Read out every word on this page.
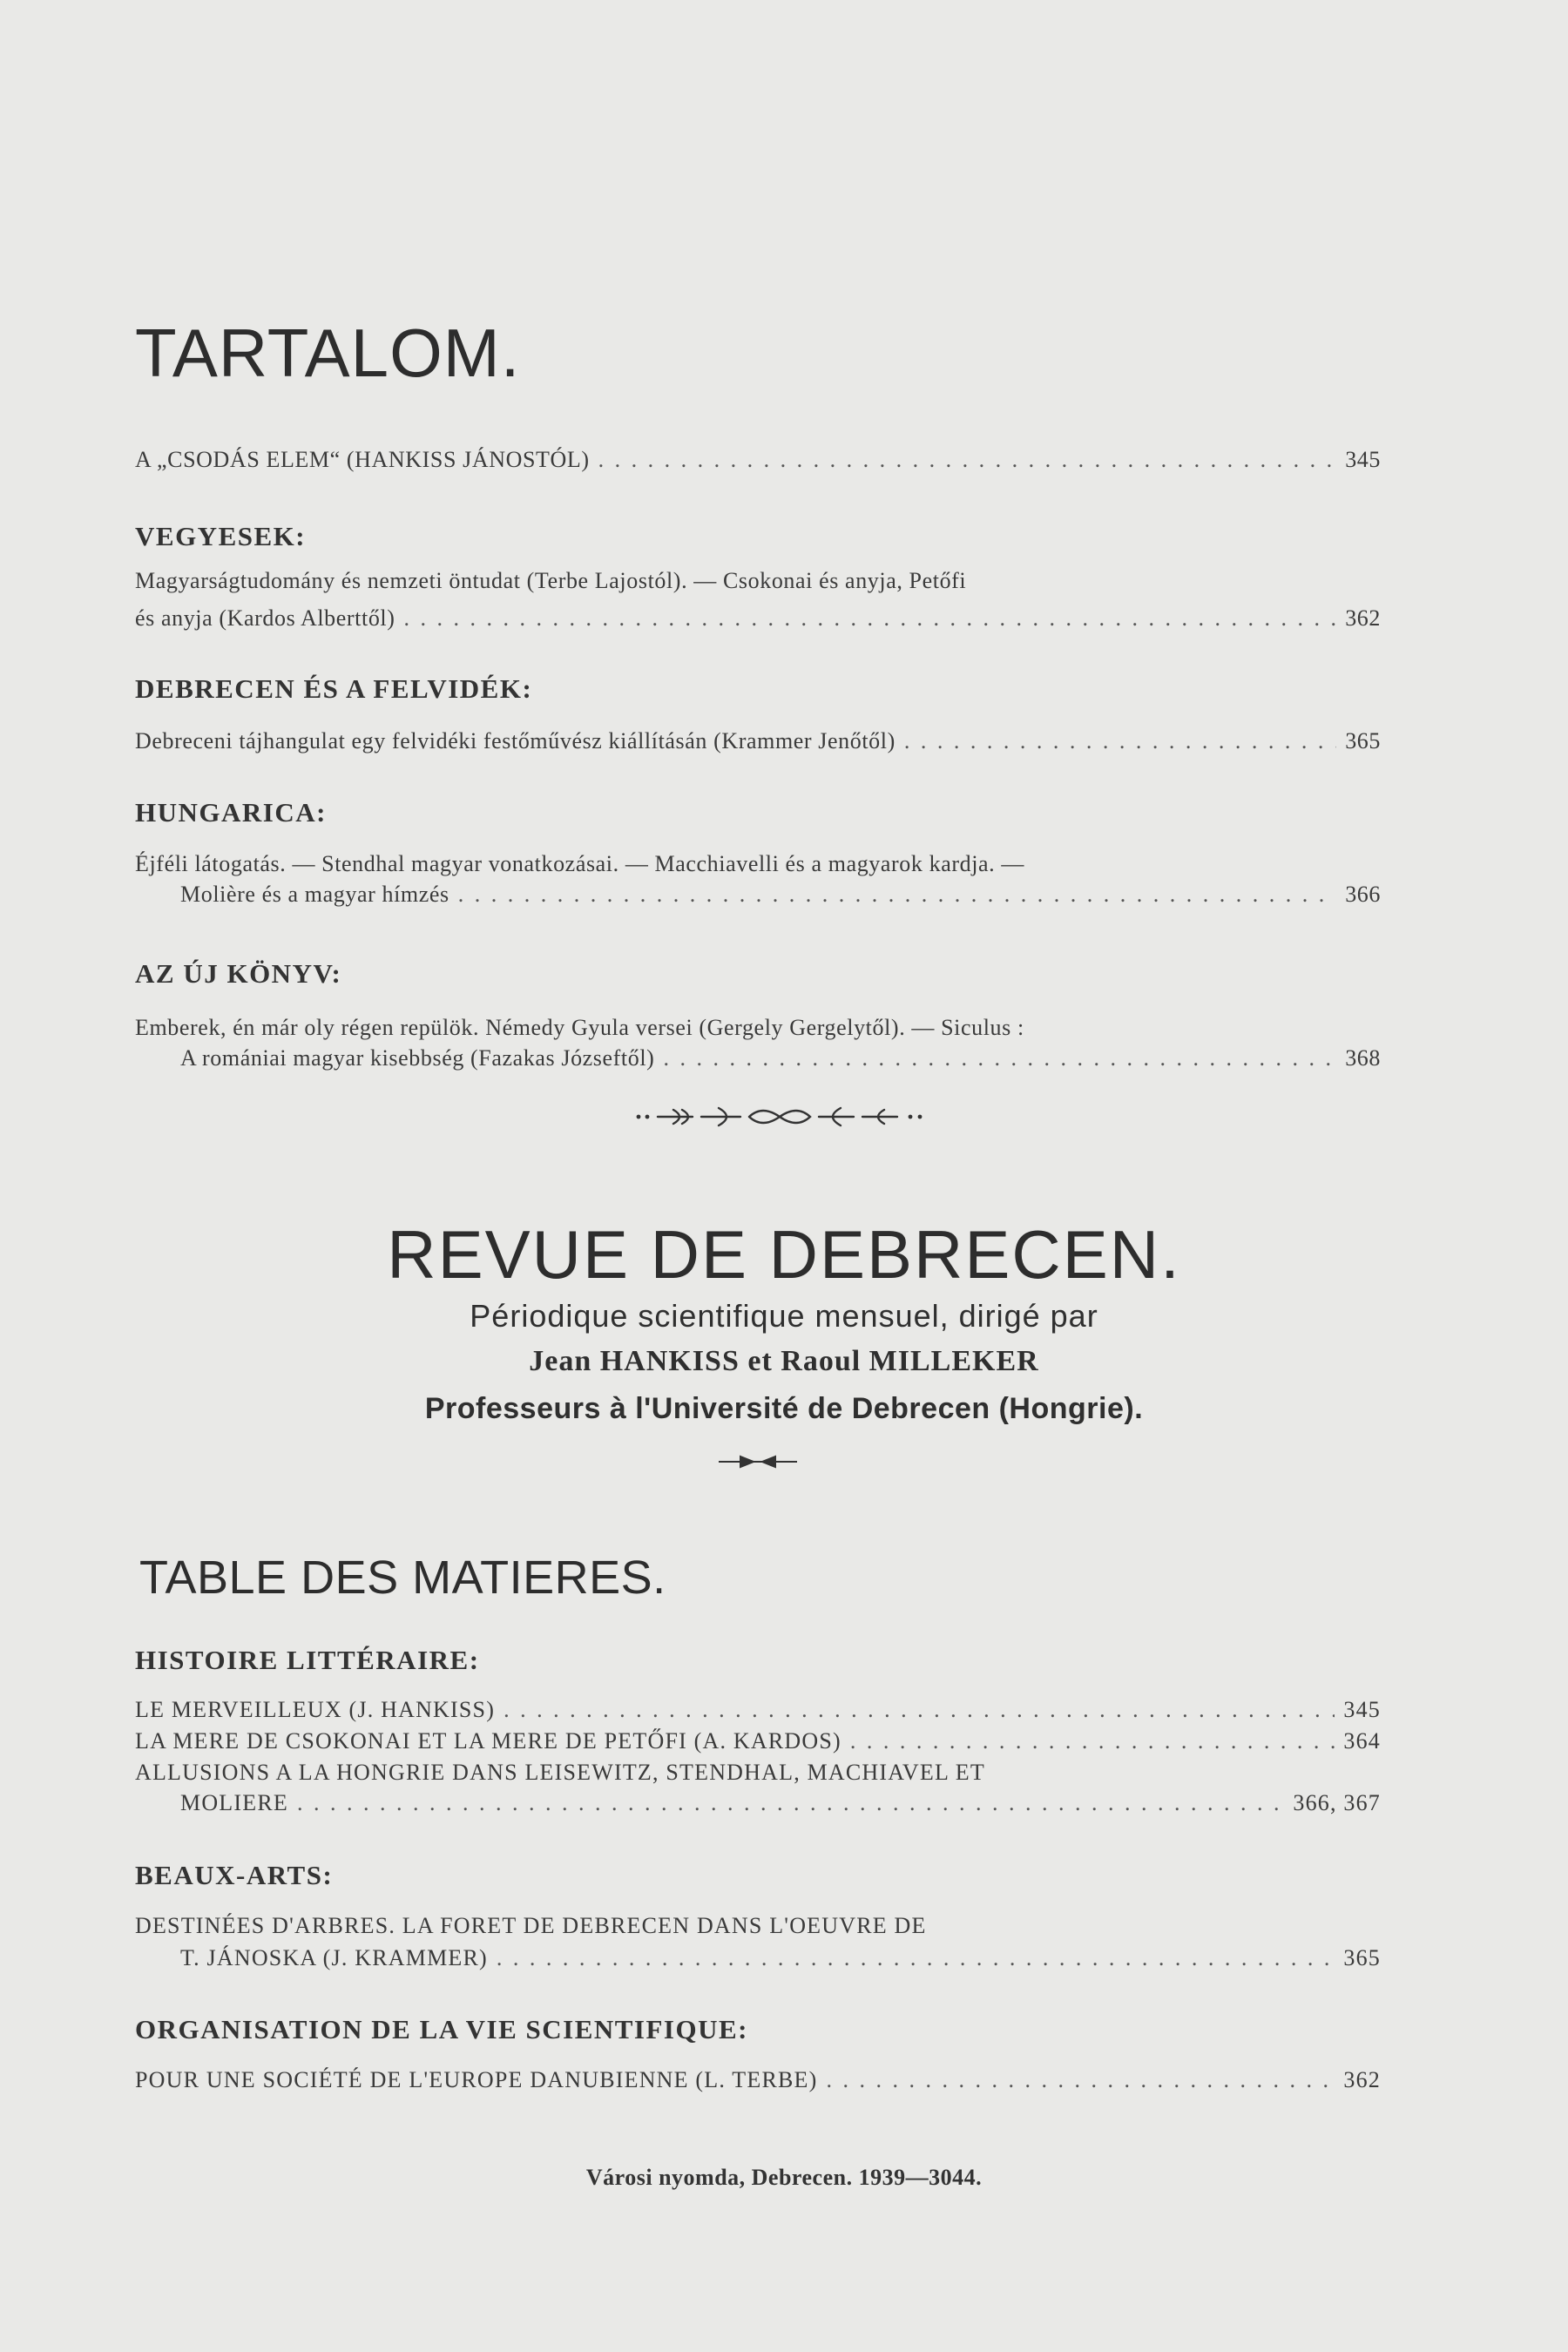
TARTALOM.
A „CSODÁS ELEM“ (HANKISS JÁNOSTÓL) . . .	345
VEGYESEK:
Magyarságtudomány és nemzeti öntudat (Terbe Lajostól). — Csokonai és anyja, Petőfi
és anyja (Kardos Alberttől) . . .	362
DEBRECEN ÉS A FELVIDÉK:
Debreceni tájhangulat egy felvidéki festőművész kiállításán (Krammer Jenőtől) . . .	365
HUNGARICA:
Éjféli látogatás. — Stendhal magyar vonatkozásai. — Macchiavelli és a magyarok kardja. —
Molière és a magyar hímzés . . .	366
AZ ÚJ KÖNYV:
Emberek, én már oly régen repülök. Némedy Gyula versei (Gergely Gergelytől). — Siculus :
A romániai magyar kisebbség (Fazakas Józseftől) . . .	368
REVUE DE DEBRECEN.
Périodique scientifique mensuel, dirigé par
Jean HANKISS et Raoul MILLEKER
Professeurs à l'Université de Debrecen (Hongrie).
TABLE DES MATIERES.
HISTOIRE LITTÉRAIRE:
LE MERVEILLEUX (J. HANKISS) . . .	345
LA MERE DE CSOKONAI ET LA MERE DE PETŐFI (A. KARDOS) . . .	364
ALLUSIONS A LA HONGRIE DANS LEISEWITZ, STENDHAL, MACHIAVEL ET
MOLIERE . . .	366, 367
BEAUX-ARTS:
DESTINÉES D'ARBRES. LA FORET DE DEBRECEN DANS L'OEUVRE DE
T. JÁNOSKA (J. KRAMMER) . . .	365
ORGANISATION DE LA VIE SCIENTIFIQUE:
POUR UNE SOCIÉTÉ DE L'EUROPE DANUBIENNE (L. TERBE) . . .	362
Városi nyomda, Debrecen. 1939—3044.
